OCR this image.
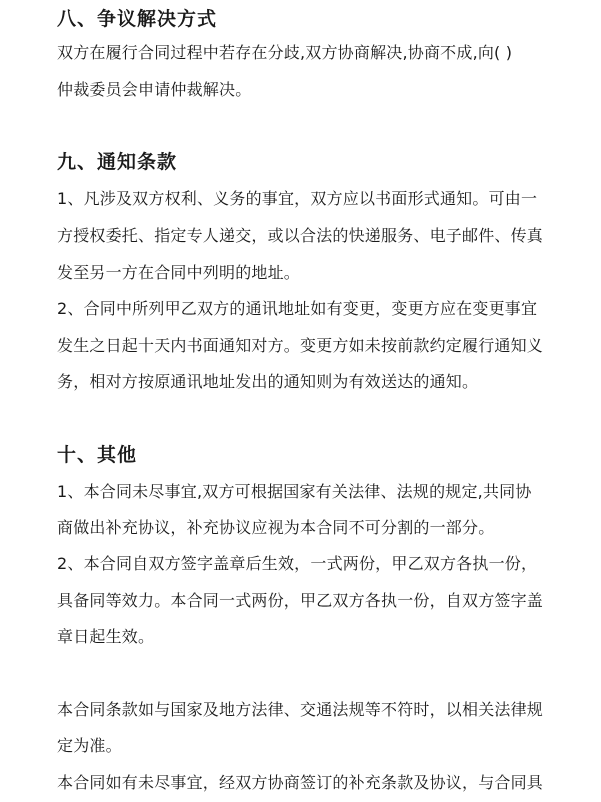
八、争议解决方式
双方在履行合同过程中若存在分歧,双方协商解决,协商不成,向( )
仲裁委员会申请仲裁解决。
九、通知条款
1、凡涉及双方权利、义务的事宜，双方应以书面形式通知。可由一
方授权委托、指定专人递交，或以合法的快递服务、电子邮件、传真
发至另一方在合同中列明的地址。
2、合同中所列甲乙双方的通讯地址如有变更，变更方应在变更事宜
发生之日起十天内书面通知对方。变更方如未按前款约定履行通知义
务，相对方按原通讯地址发出的通知则为有效送达的通知。
十、其他
1、本合同未尽事宜,双方可根据国家有关法律、法规的规定,共同协
商做出补充协议，补充协议应视为本合同不可分割的一部分。
2、本合同自双方签字盖章后生效，一式两份，甲乙双方各执一份，
具备同等效力。本合同一式两份，甲乙双方各执一份，自双方签字盖
章日起生效。
本合同条款如与国家及地方法律、交通法规等不符时，以相关法律规
定为准。
本合同如有未尽事宜，经双方协商签订的补充条款及协议，与合同具
